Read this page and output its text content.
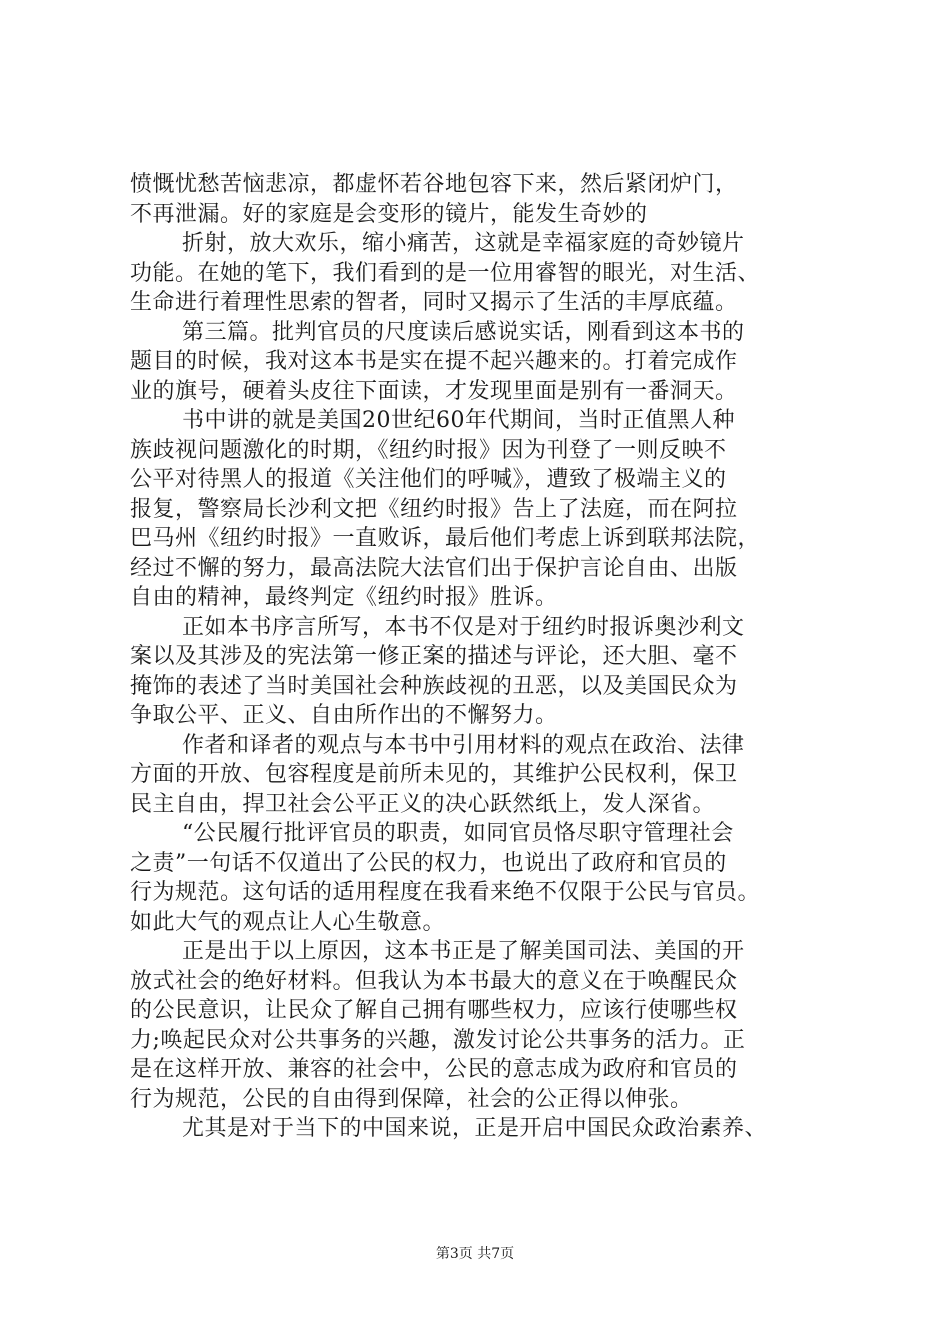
愤慨忧愁苦恼悲凉，都虚怀若谷地包容下来，然后紧闭炉门，
不再泄漏。好的家庭是会变形的镜片，能发生奇妙的
折射，放大欢乐，缩小痛苦，这就是幸福家庭的奇妙镜片
功能。在她的笔下，我们看到的是一位用睿智的眼光，对生活、
生命进行着理性思索的智者，同时又揭示了生活的丰厚底蕴。
第三篇。批判官员的尺度读后感说实话，刚看到这本书的
题目的时候，我对这本书是实在提不起兴趣来的。打着完成作
业的旗号，硬着头皮往下面读，才发现里面是别有一番洞天。
书中讲的就是美国20世纪60年代期间，当时正值黑人种
族歧视问题激化的时期，《纽约时报》因为刊登了一则反映不
公平对待黑人的报道《关注他们的呼喊》，遭致了极端主义的
报复，警察局长沙利文把《纽约时报》告上了法庭，而在阿拉
巴马州《纽约时报》一直败诉，最后他们考虑上诉到联邦法院，
经过不懈的努力，最高法院大法官们出于保护言论自由、出版
自由的精神，最终判定《纽约时报》胜诉。
正如本书序言所写，本书不仅是对于纽约时报诉奥沙利文
案以及其涉及的宪法第一修正案的描述与评论，还大胆、毫不
掩饰的表述了当时美国社会种族歧视的丑恶，以及美国民众为
争取公平、正义、自由所作出的不懈努力。
作者和译者的观点与本书中引用材料的观点在政治、法律
方面的开放、包容程度是前所未见的，其维护公民权利，保卫
民主自由，捍卫社会公平正义的决心跃然纸上，发人深省。
“公民履行批评官员的职责，如同官员恪尽职守管理社会
之责”一句话不仅道出了公民的权力，也说出了政府和官员的
行为规范。这句话的适用程度在我看来绝不仅限于公民与官员。
如此大气的观点让人心生敬意。
正是出于以上原因，这本书正是了解美国司法、美国的开
放式社会的绝好材料。但我认为本书最大的意义在于唤醒民众
的公民意识，让民众了解自己拥有哪些权力，应该行使哪些权
力;唤起民众对公共事务的兴趣，激发讨论公共事务的活力。正
是在这样开放、兼容的社会中，公民的意志成为政府和官员的
行为规范，公民的自由得到保障，社会的公正得以伸张。
尤其是对于当下的中国来说，正是开启中国民众政治素养、
第3页 共7页
